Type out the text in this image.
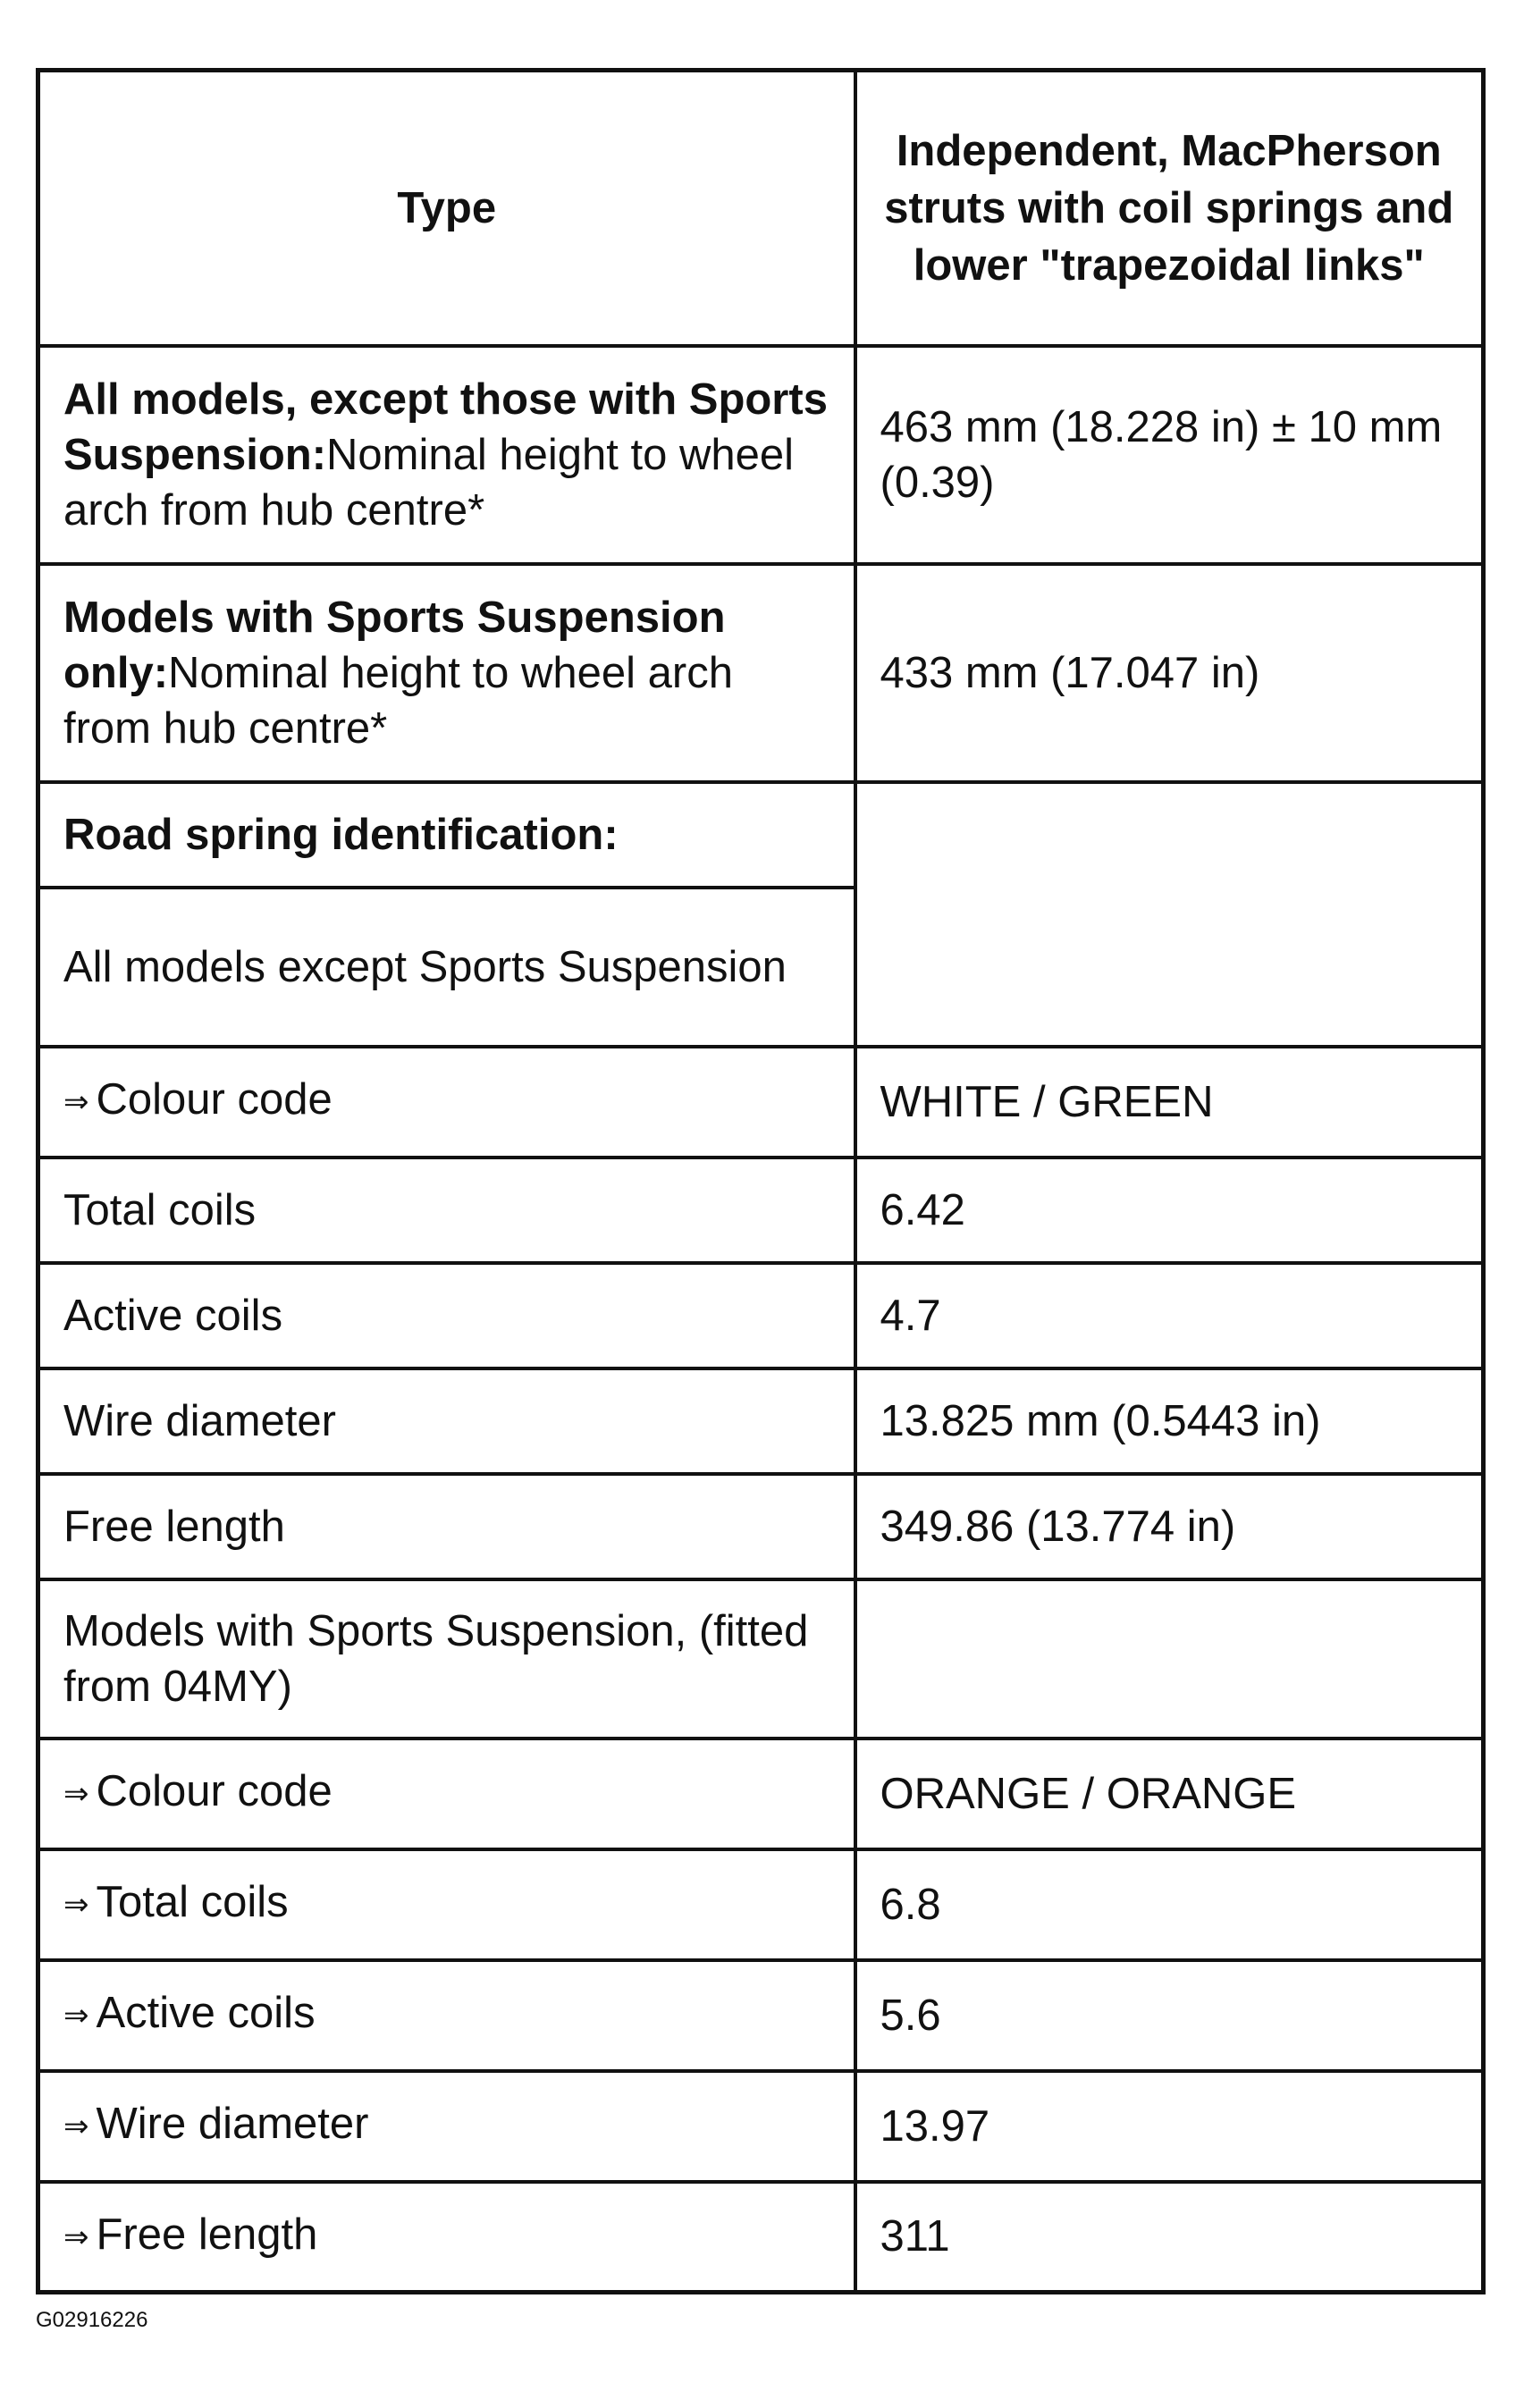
Type	Independent, MacPherson struts with coil springs and lower "trapezoidal links"
All models, except those with Sports Suspension:Nominal height to wheel arch from hub centre*	463 mm (18.228 in) ± 10 mm (0.39)
Models with Sports Suspension only:Nominal height to wheel arch from hub centre*	433 mm (17.047 in)
Road spring identification:	
All models except Sports Suspension	
⇒ Colour code	WHITE / GREEN
Total coils	6.42
Active coils	4.7
Wire diameter	13.825 mm (0.5443 in)
Free length	349.86 (13.774 in)
Models with Sports Suspension, (fitted from 04MY)	
⇒ Colour code	ORANGE / ORANGE
⇒ Total coils	6.8
⇒ Active coils	5.6
⇒ Wire diameter	13.97
⇒ Free length	311
G02916226
